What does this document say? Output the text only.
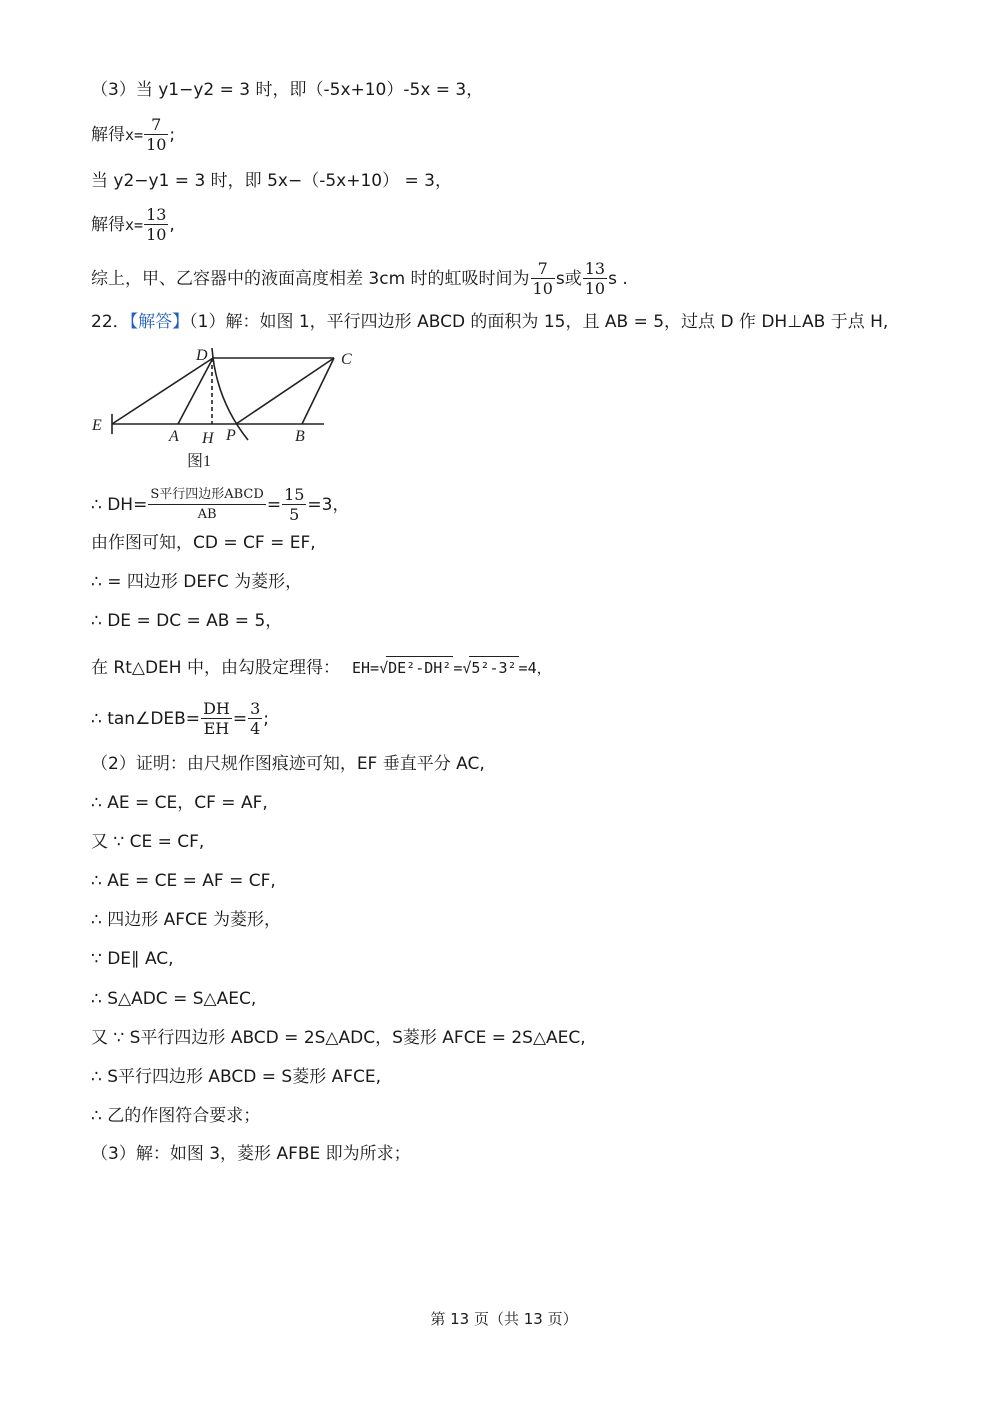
（3）当 y1−y2 = 3 时，即（-5x+10）-5x = 3，
解得$x= \frac{7}{10}$ ;
当 y2−y1 = 3 时，即 5x−（-5x+10） = 3，
解得$x= \frac{13}{10}$ ,
综上，甲、乙容器中的液面高度相差 3cm 时的虹吸时间为 $\frac{7}{10}$ s或 $\frac{13}{10}$ s .
22．【解答】（1）解：如图 1，平行四边形 ABCD 的面积为 15，且 AB = 5，过点 D 作 DH⊥AB 于点 H,
D	C
E
A H P	B
图1
∴ $DH= \frac{\text{S平行四边形ABCD}}{AB} = \frac{15}{5} =3$，
由作图可知，CD = CF = EF,
∴ = 四边形 DEFC 为菱形，
∴ DE = DC = AB = 5，
在 Rt△DEH 中，由勾股定理得： EH=√DE²-DH² =√5²-3² =4，
∴ tan∠DEB= $\frac{DH}{EH} = \frac{3}{4}$ ;
（2）证明：由尺规作图痕迹可知，EF 垂直平分 AC,
∴ AE = CE，CF = AF,
又 ∵ CE = CF,
∴ AE = CE = AF = CF,
∴ 四边形 AFCE 为菱形，
∵ DE∥ AC,
∴ S△ADC = S△AEC,
又 ∵ S平行四边形 ABCD = 2S△ADC，S菱形 AFCE = 2S△AEC,
∴ S平行四边形 ABCD = S菱形 AFCE,
∴ 乙的作图符合要求；
（3）解：如图 3，菱形 AFBE 即为所求；
第 13 页（共 13 页）
